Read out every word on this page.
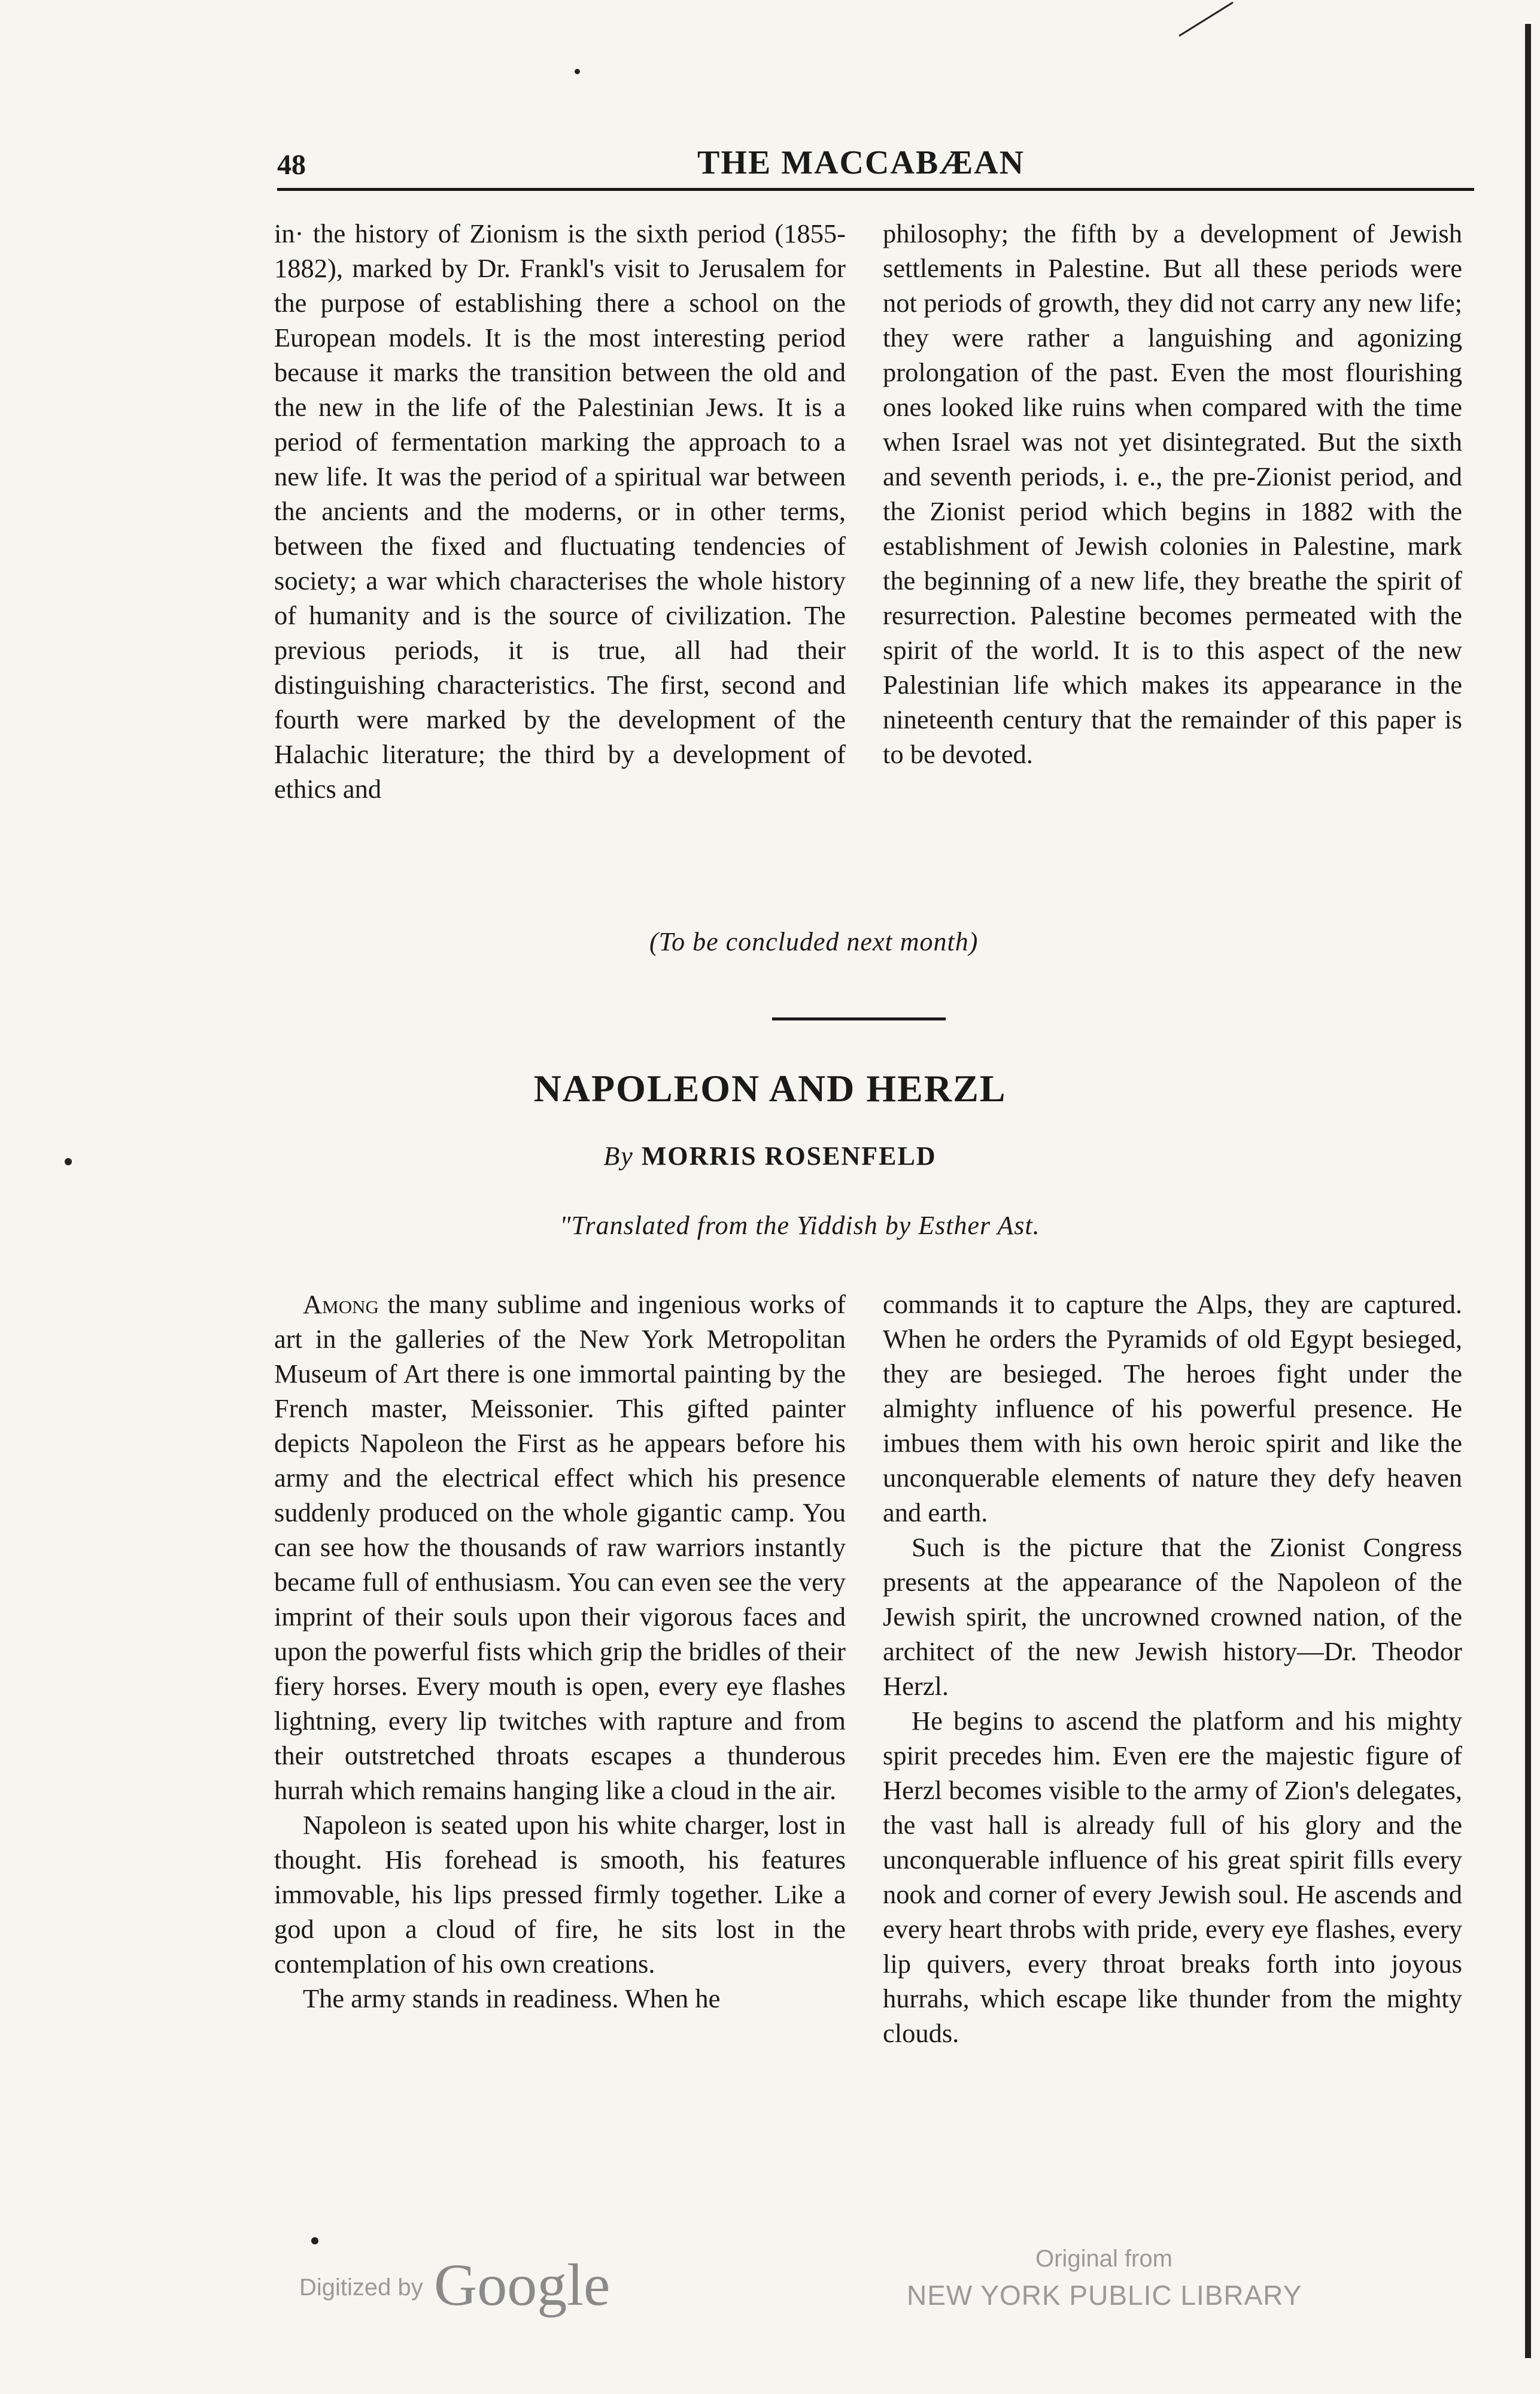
48	THE MACCABÆAN

in· the history of Zionism is the sixth period (1855-1882), marked by Dr. Frankl's visit to Jerusalem for the purpose of establishing there a school on the European models. It is the most interesting period because it marks the transition between the old and the new in the life of the Palestinian Jews. It is a period of fermentation marking the approach to a new life. It was the period of a spiritual war between the ancients and the moderns, or in other terms, between the fixed and fluctuating tendencies of society; a war which characterises the whole history of humanity and is the source of civilization. The previous periods, it is true, all had their distinguishing characteristics. The first, second and fourth were marked by the development of the Halachic literature; the third by a development of ethics and

philosophy; the fifth by a development of Jewish settlements in Palestine. But all these periods were not periods of growth, they did not carry any new life; they were rather a languishing and agonizing prolongation of the past. Even the most flourishing ones looked like ruins when compared with the time when Israel was not yet disintegrated. But the sixth and seventh periods, i. e., the pre-Zionist period, and the Zionist period which begins in 1882 with the establishment of Jewish colonies in Palestine, mark the beginning of a new life, they breathe the spirit of resurrection. Palestine becomes permeated with the spirit of the world. It is to this aspect of the new Palestinian life which makes its appearance in the nineteenth century that the remainder of this paper is to be devoted.

(To be concluded next month)
NAPOLEON AND HERZL
By MORRIS ROSENFELD
"Translated from the Yiddish by Esther Ast.

Among the many sublime and ingenious works of art in the galleries of the New York Metropolitan Museum of Art there is one immortal painting by the French master, Meissonier. This gifted painter depicts Napoleon the First as he appears before his army and the electrical effect which his presence suddenly produced on the whole gigantic camp. You can see how the thousands of raw warriors instantly became full of enthusiasm. You can even see the very imprint of their souls upon their vigorous faces and upon the powerful fists which grip the bridles of their fiery horses. Every mouth is open, every eye flashes lightning, every lip twitches with rapture and from their outstretched throats escapes a thunderous hurrah which remains hanging like a cloud in the air.

Napoleon is seated upon his white charger, lost in thought. His forehead is smooth, his features immovable, his lips pressed firmly together. Like a god upon a cloud of fire, he sits lost in the contemplation of his own creations.

The army stands in readiness. When he

commands it to capture the Alps, they are captured. When he orders the Pyramids of old Egypt besieged, they are besieged. The heroes fight under the almighty influence of his powerful presence. He imbues them with his own heroic spirit and like the unconquerable elements of nature they defy heaven and earth.

Such is the picture that the Zionist Congress presents at the appearance of the Napoleon of the Jewish spirit, the uncrowned crowned nation, of the architect of the new Jewish history—Dr. Theodor Herzl.

He begins to ascend the platform and his mighty spirit precedes him. Even ere the majestic figure of Herzl becomes visible to the army of Zion's delegates, the vast hall is already full of his glory and the unconquerable influence of his great spirit fills every nook and corner of every Jewish soul. He ascends and every heart throbs with pride, every eye flashes, every lip quivers, every throat breaks forth into joyous hurrahs, which escape like thunder from the mighty clouds.

Digitized by Google	Original from
NEW YORK PUBLIC LIBRARY
